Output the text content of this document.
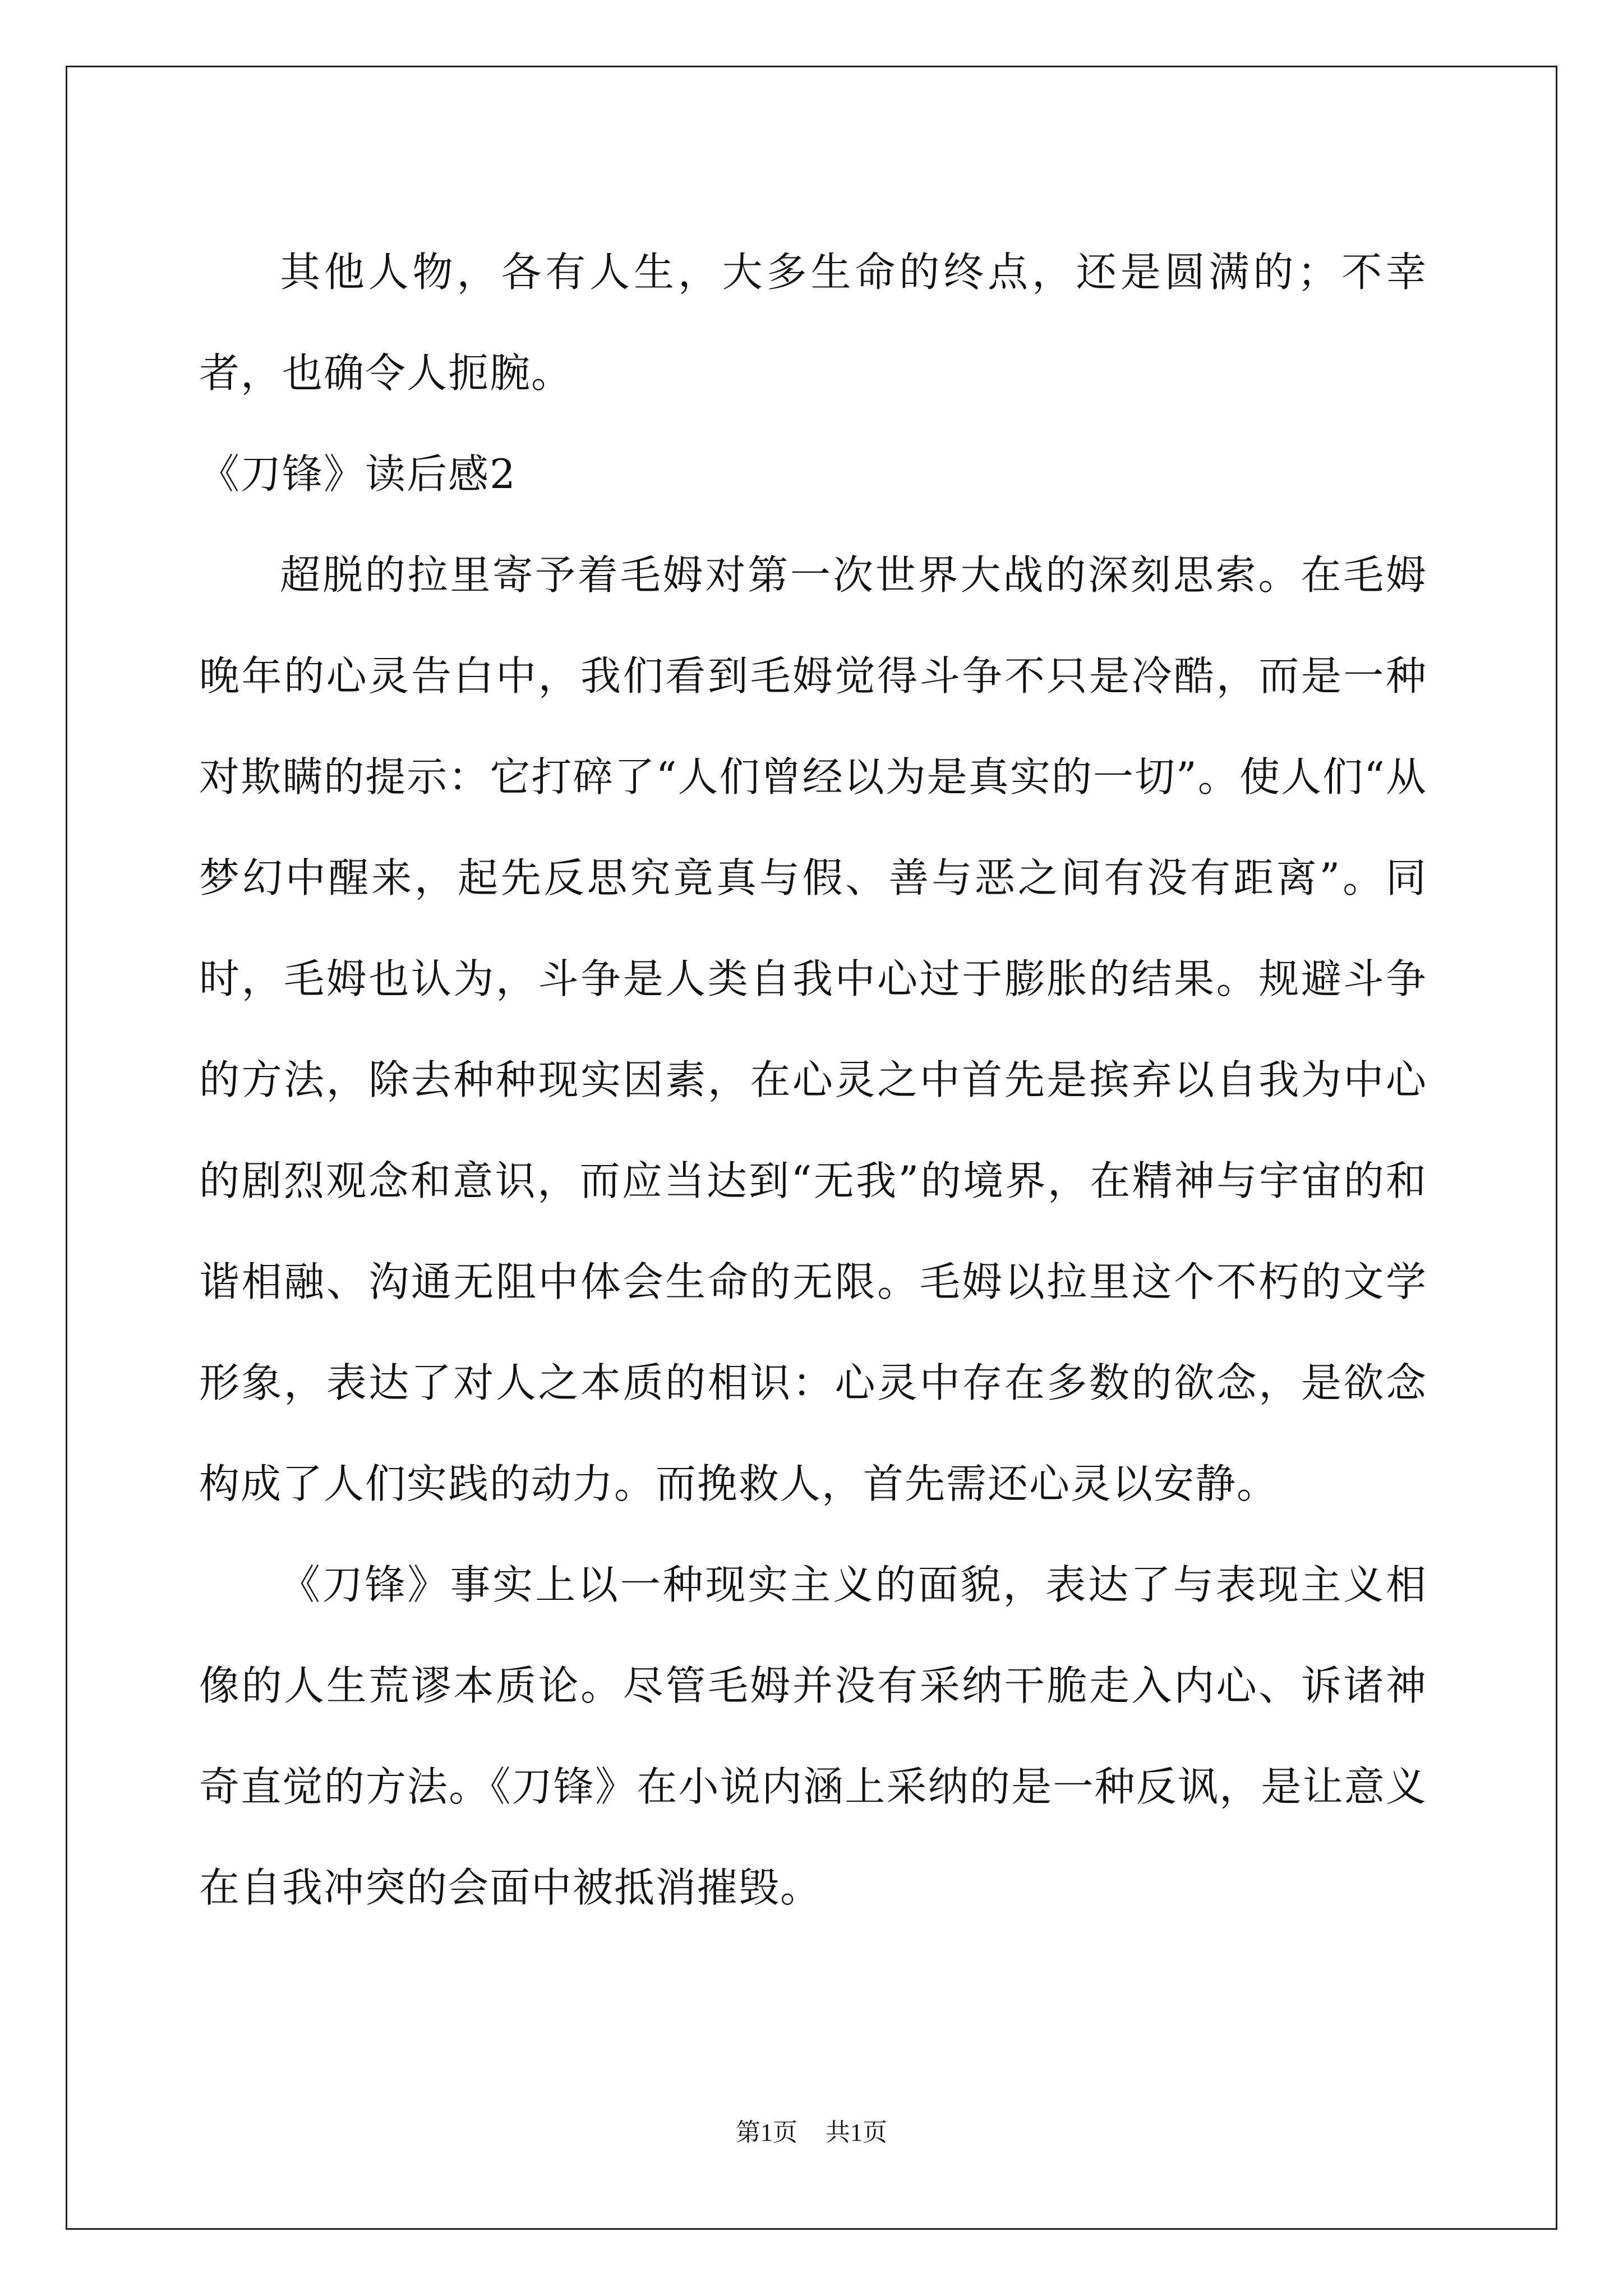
其他人物，各有人生，大多生命的终点，还是圆满的；不幸者，也确令人扼腕。

《刀锋》读后感2

超脱的拉里寄予着毛姆对第一次世界大战的深刻思索。在毛姆晚年的心灵告白中，我们看到毛姆觉得斗争不只是冷酷，而是一种对欺瞒的提示：它打碎了“人们曾经以为是真实的一切”。使人们“从梦幻中醒来，起先反思究竟真与假、善与恶之间有没有距离”。同时，毛姆也认为，斗争是人类自我中心过于膨胀的结果。规避斗争的方法，除去种种现实因素，在心灵之中首先是摈弃以自我为中心的剧烈观念和意识，而应当达到“无我”的境界，在精神与宇宙的和谐相融、沟通无阻中体会生命的无限。毛姆以拉里这个不朽的文学形象，表达了对人之本质的相识：心灵中存在多数的欲念，是欲念构成了人们实践的动力。而挽救人，首先需还心灵以安静。

《刀锋》事实上以一种现实主义的面貌，表达了与表现主义相像的人生荒谬本质论。尽管毛姆并没有采纳干脆走入内心、诉诸神奇直觉的方法。《刀锋》在小说内涵上采纳的是一种反讽，是让意义在自我冲突的会面中被抵消摧毁。

第1页 共1页
